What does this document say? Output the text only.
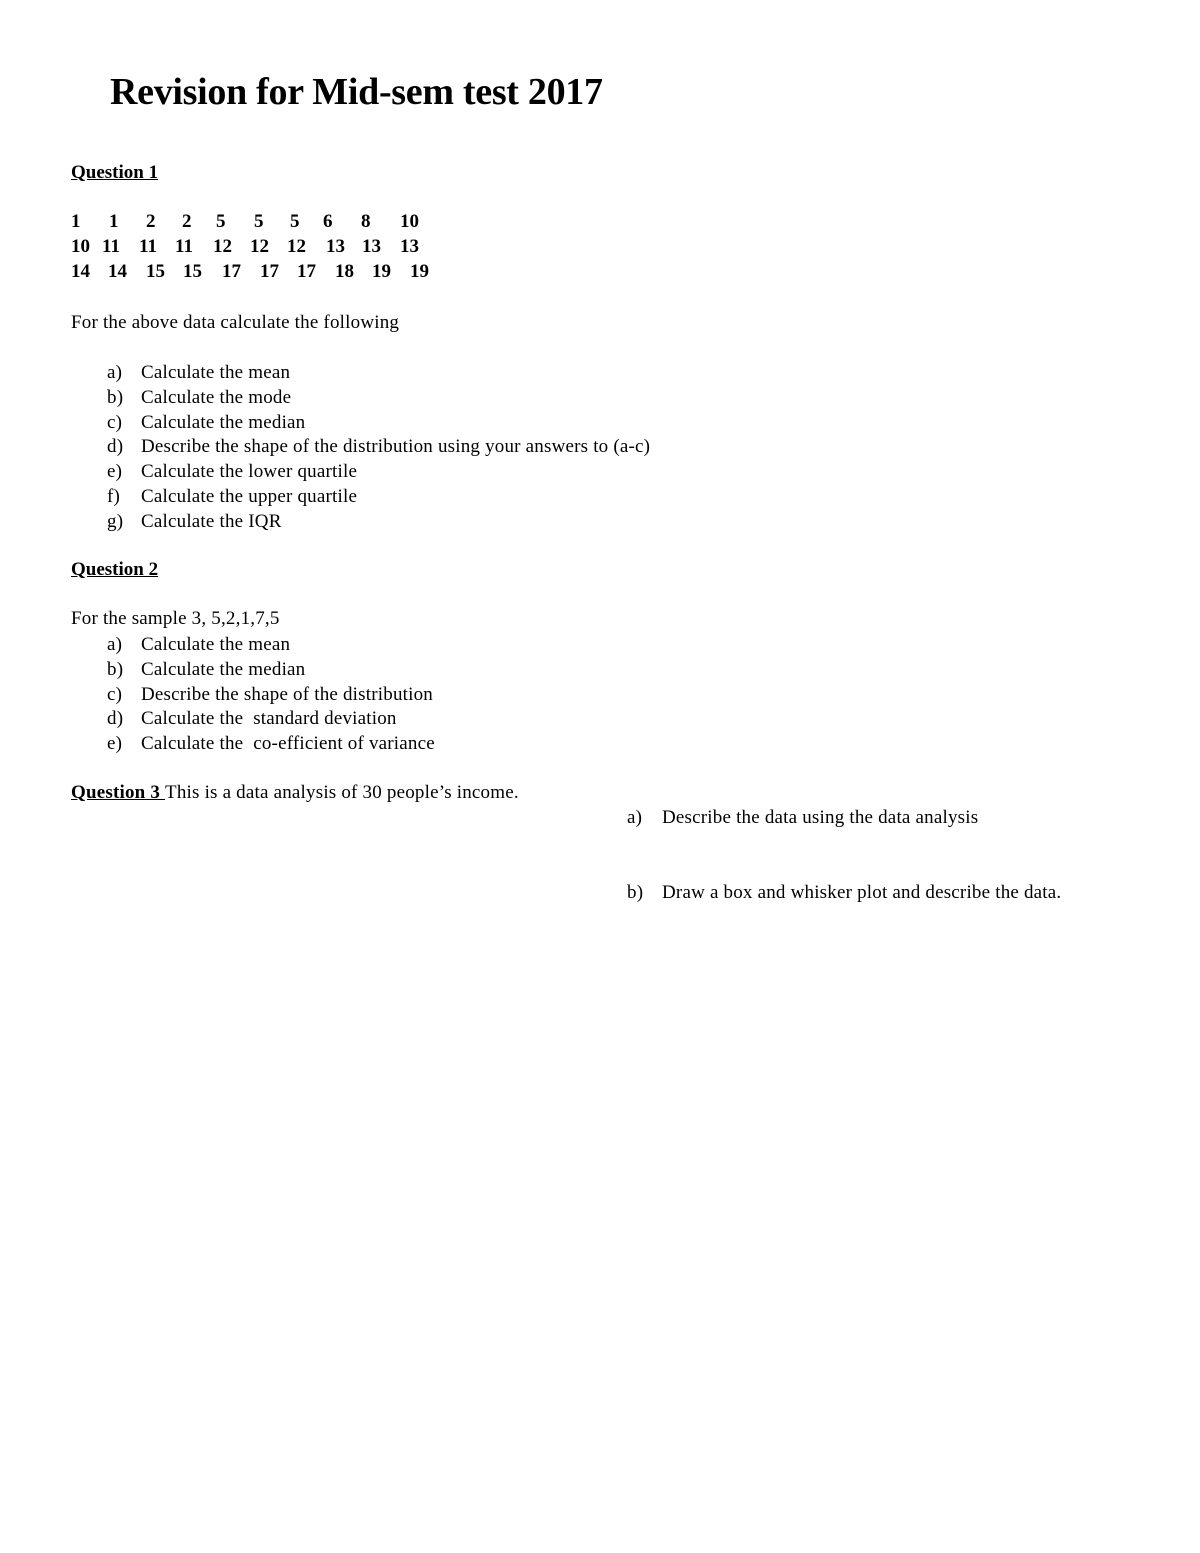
Revision for Mid-sem test 2017
Question 1
1 1 2 2 5 5 5 6 8 10
10 11 11 11 12 12 12 13 13 13
14 14 15 15 17 17 17 18 19 19
For the above data calculate the following
a) Calculate the mean
b) Calculate the mode
c) Calculate the median
d) Describe the shape of the distribution using your answers to (a-c)
e) Calculate the lower quartile
f) Calculate the upper quartile
g) Calculate the IQR
Question 2
For the sample 3, 5,2,1,7,5
a) Calculate the mean
b) Calculate the median
c) Describe the shape of the distribution
d) Calculate the  standard deviation
e) Calculate the  co-efficient of variance
Question 3 This is a data analysis of 30 people’s income.
a) Describe the data using the data analysis
b) Draw a box and whisker plot and describe the data.
